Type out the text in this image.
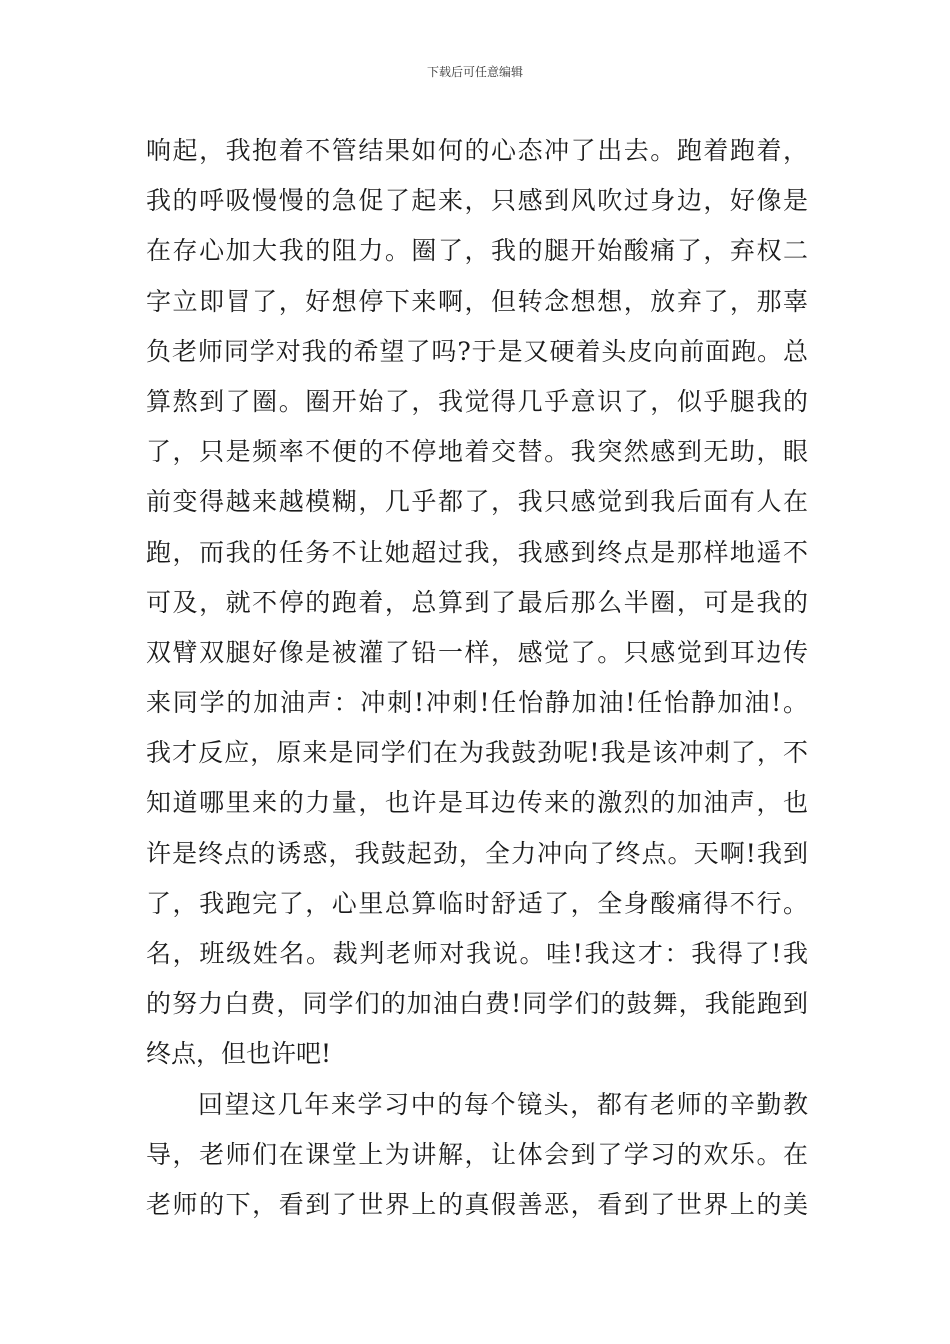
下载后可任意编辑
响起，我抱着不管结果如何的心态冲了出去。跑着跑着，
我的呼吸慢慢的急促了起来，只感到风吹过身边，好像是
在存心加大我的阻力。圈了，我的腿开始酸痛了，弃权二
字立即冒了，好想停下来啊，但转念想想，放弃了，那辜
负老师同学对我的希望了吗?于是又硬着头皮向前面跑。总
算熬到了圈。圈开始了，我觉得几乎意识了，似乎腿我的
了，只是频率不便的不停地着交替。我突然感到无助，眼
前变得越来越模糊，几乎都了，我只感觉到我后面有人在
跑，而我的任务不让她超过我，我感到终点是那样地遥不
可及，就不停的跑着，总算到了最后那么半圈，可是我的
双臂双腿好像是被灌了铅一样，感觉了。只感觉到耳边传
来同学的加油声：冲刺!冲刺!任怡静加油!任怡静加油!。
我才反应，原来是同学们在为我鼓劲呢!我是该冲刺了，不
知道哪里来的力量，也许是耳边传来的激烈的加油声，也
许是终点的诱惑，我鼓起劲，全力冲向了终点。天啊!我到
了，我跑完了，心里总算临时舒适了，全身酸痛得不行。
名，班级姓名。裁判老师对我说。哇!我这才：我得了!我
的努力白费，同学们的加油白费!同学们的鼓舞，我能跑到
终点，但也许吧!
回望这几年来学习中的每个镜头，都有老师的辛勤教
导，老师们在课堂上为讲解，让体会到了学习的欢乐。在
老师的下，看到了世界上的真假善恶，看到了世界上的美
